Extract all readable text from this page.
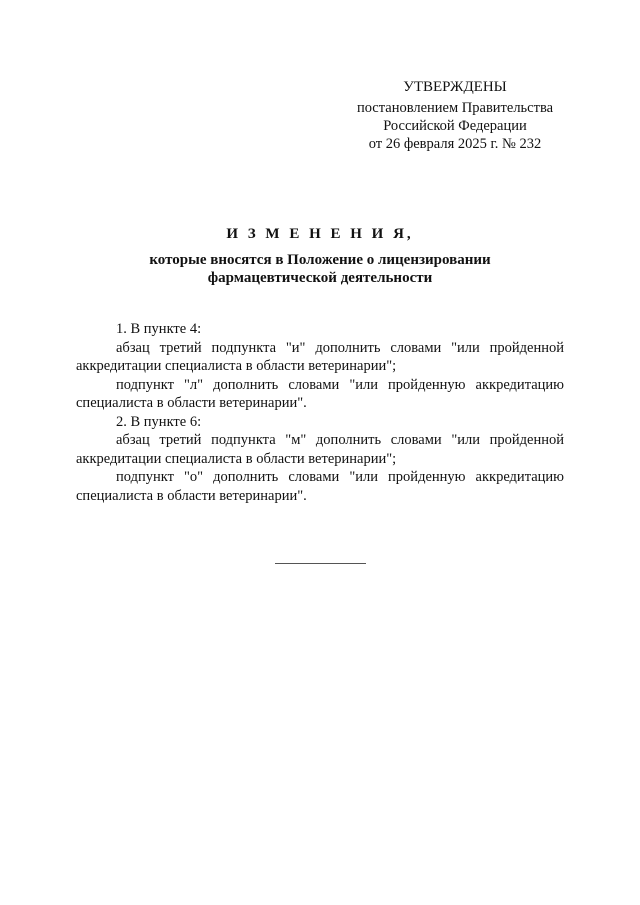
УТВЕРЖДЕНЫ
постановлением Правительства
Российской Федерации
от 26 февраля 2025 г. № 232
И З М Е Н Е Н И Я,
которые вносятся в Положение о лицензировании
фармацевтической деятельности

1. В пункте 4:

абзац третий подпункта "и" дополнить словами "или пройденной аккредитации специалиста в области ветеринарии";

подпункт "л" дополнить словами "или пройденную аккредитацию специалиста в области ветеринарии".

2. В пункте 6:

абзац третий подпункта "м" дополнить словами "или пройденной аккредитации специалиста в области ветеринарии";

подпункт "о" дополнить словами "или пройденную аккредитацию специалиста в области ветеринарии".
